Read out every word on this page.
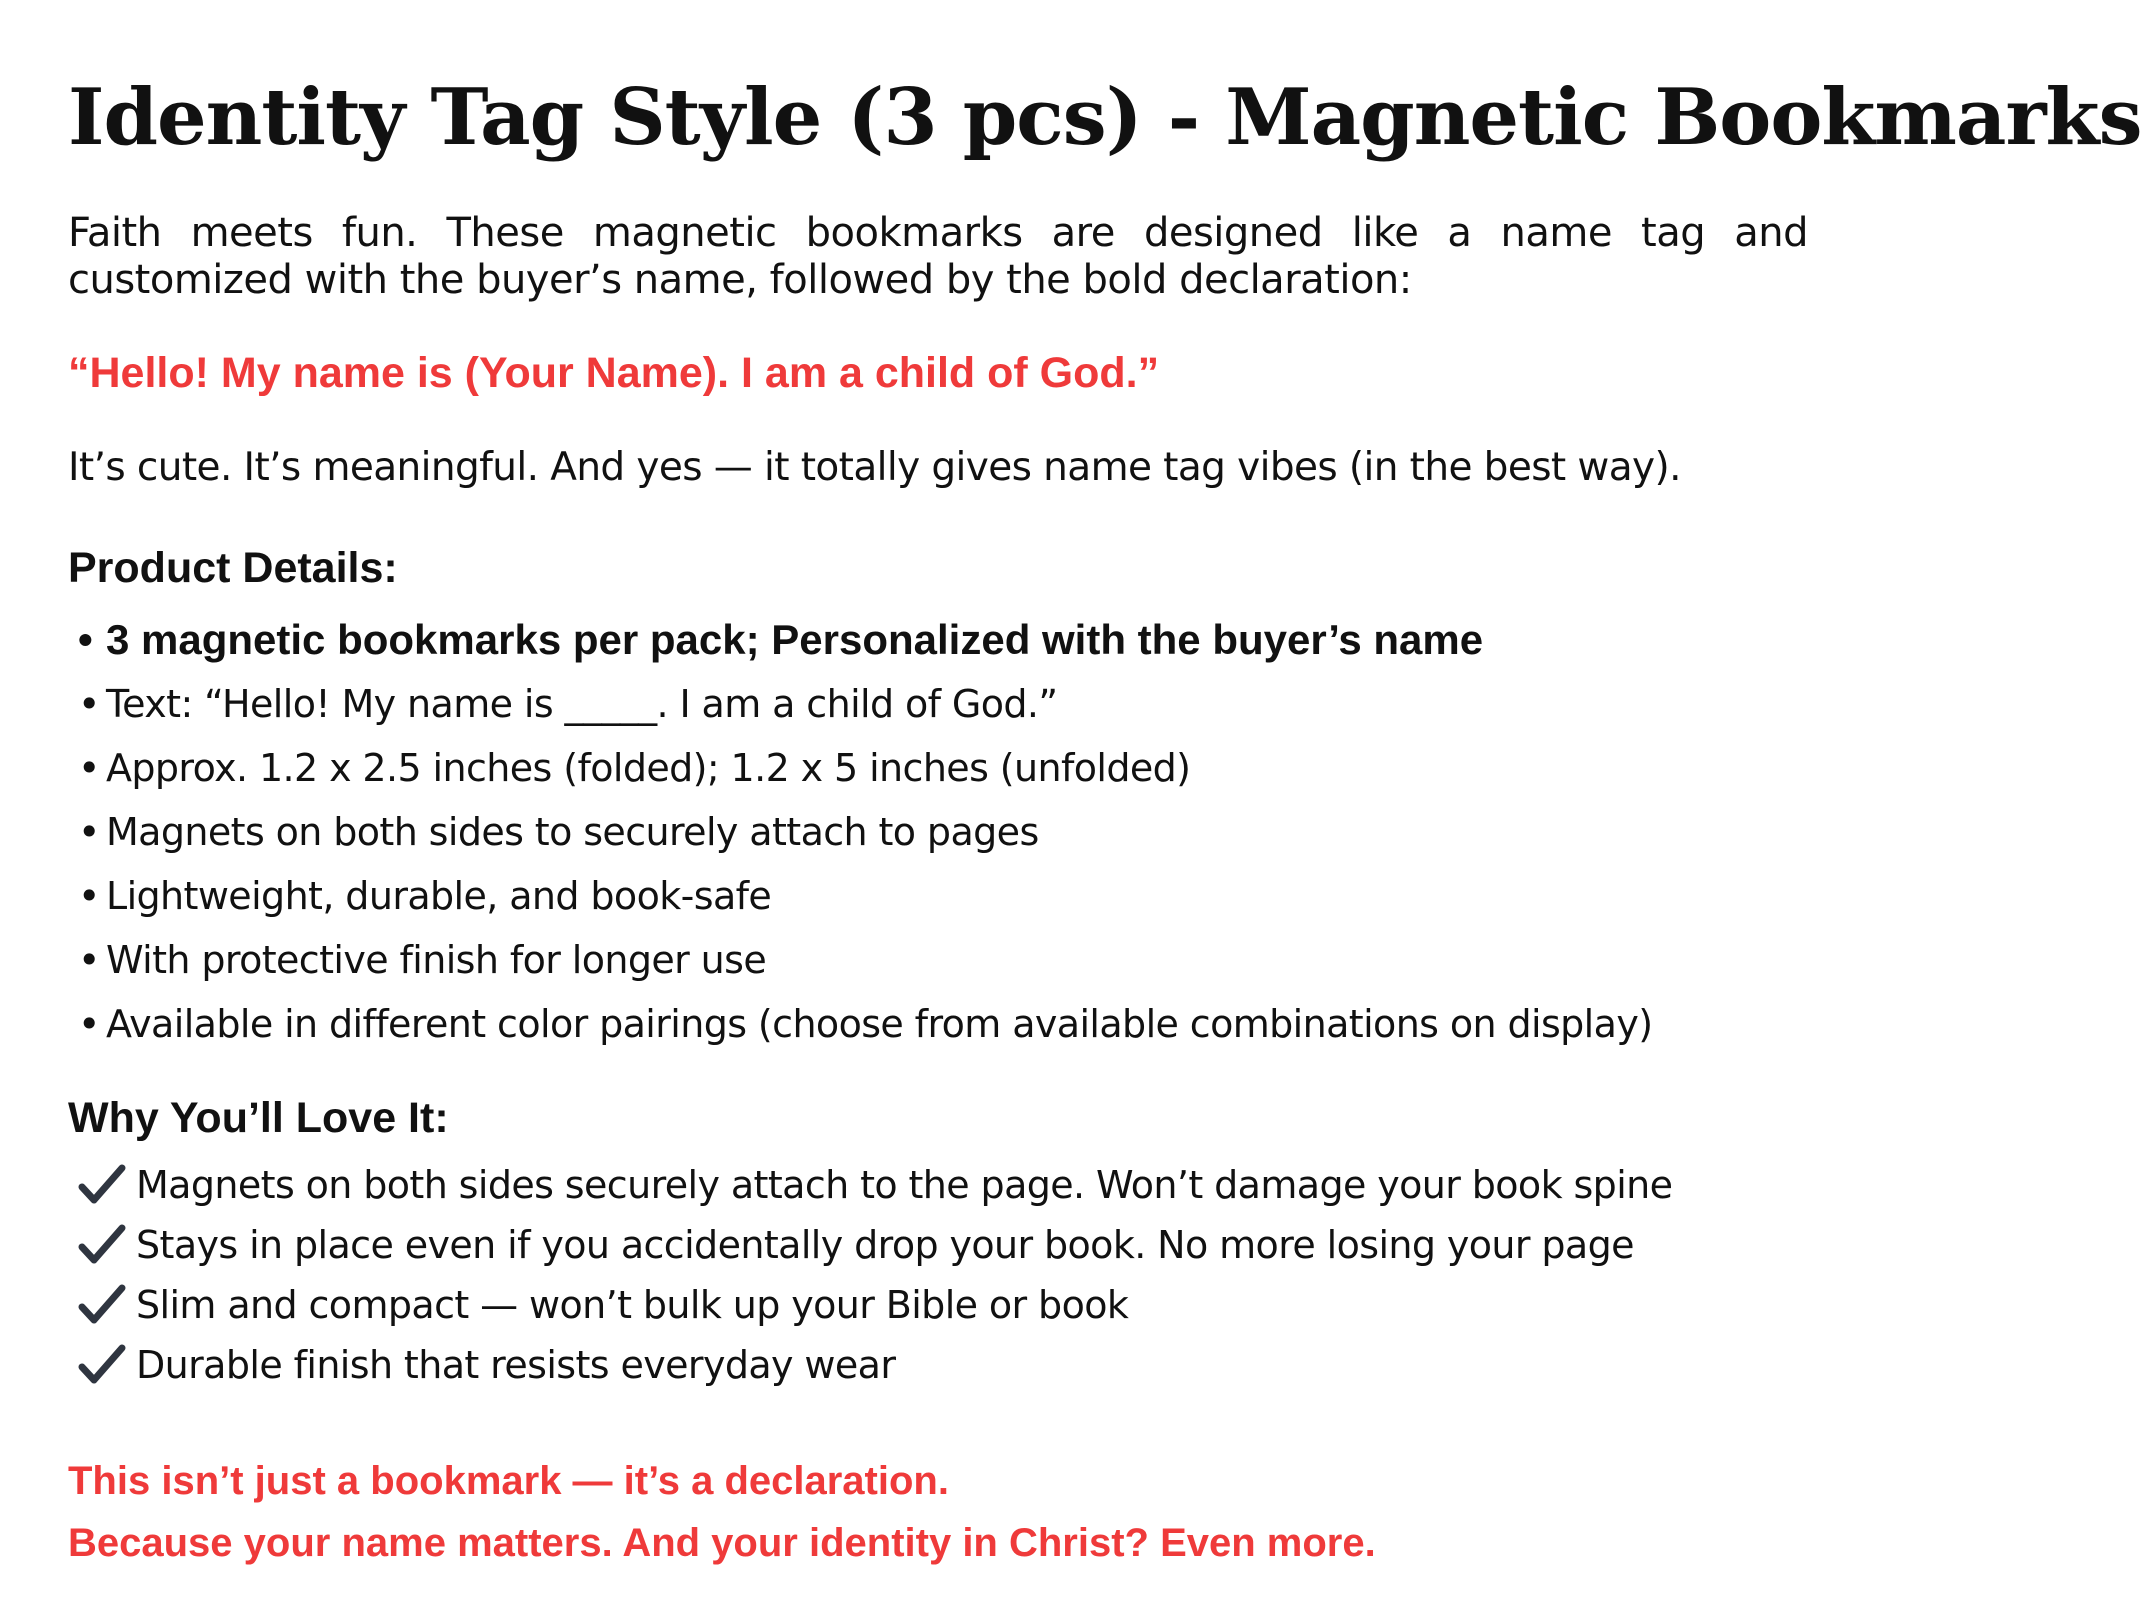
Identity Tag Style (3 pcs) - Magnetic Bookmarks

Faith meets fun. These magnetic bookmarks are designed like a name tag and customized with the buyer’s name, followed by the bold declaration:

“Hello! My name is (Your Name). I am a child of God.”

It’s cute. It’s meaningful. And yes — it totally gives name tag vibes (in the best way).

Product Details:
• 3 magnetic bookmarks per pack; Personalized with the buyer’s name
• Text: “Hello! My name is _____. I am a child of God.”
• Approx. 1.2 x 2.5 inches (folded); 1.2 x 5 inches (unfolded)
• Magnets on both sides to securely attach to pages
• Lightweight, durable, and book-safe
• With protective finish for longer use
• Available in different color pairings (choose from available combinations on display)
Why You’ll Love It:
Magnets on both sides securely attach to the page. Won’t damage your book spine
Stays in place even if you accidentally drop your book. No more losing your page
Slim and compact — won’t bulk up your Bible or book
Durable finish that resists everyday wear

This isn’t just a bookmark — it’s a declaration.
Because your name matters. And your identity in Christ? Even more.
